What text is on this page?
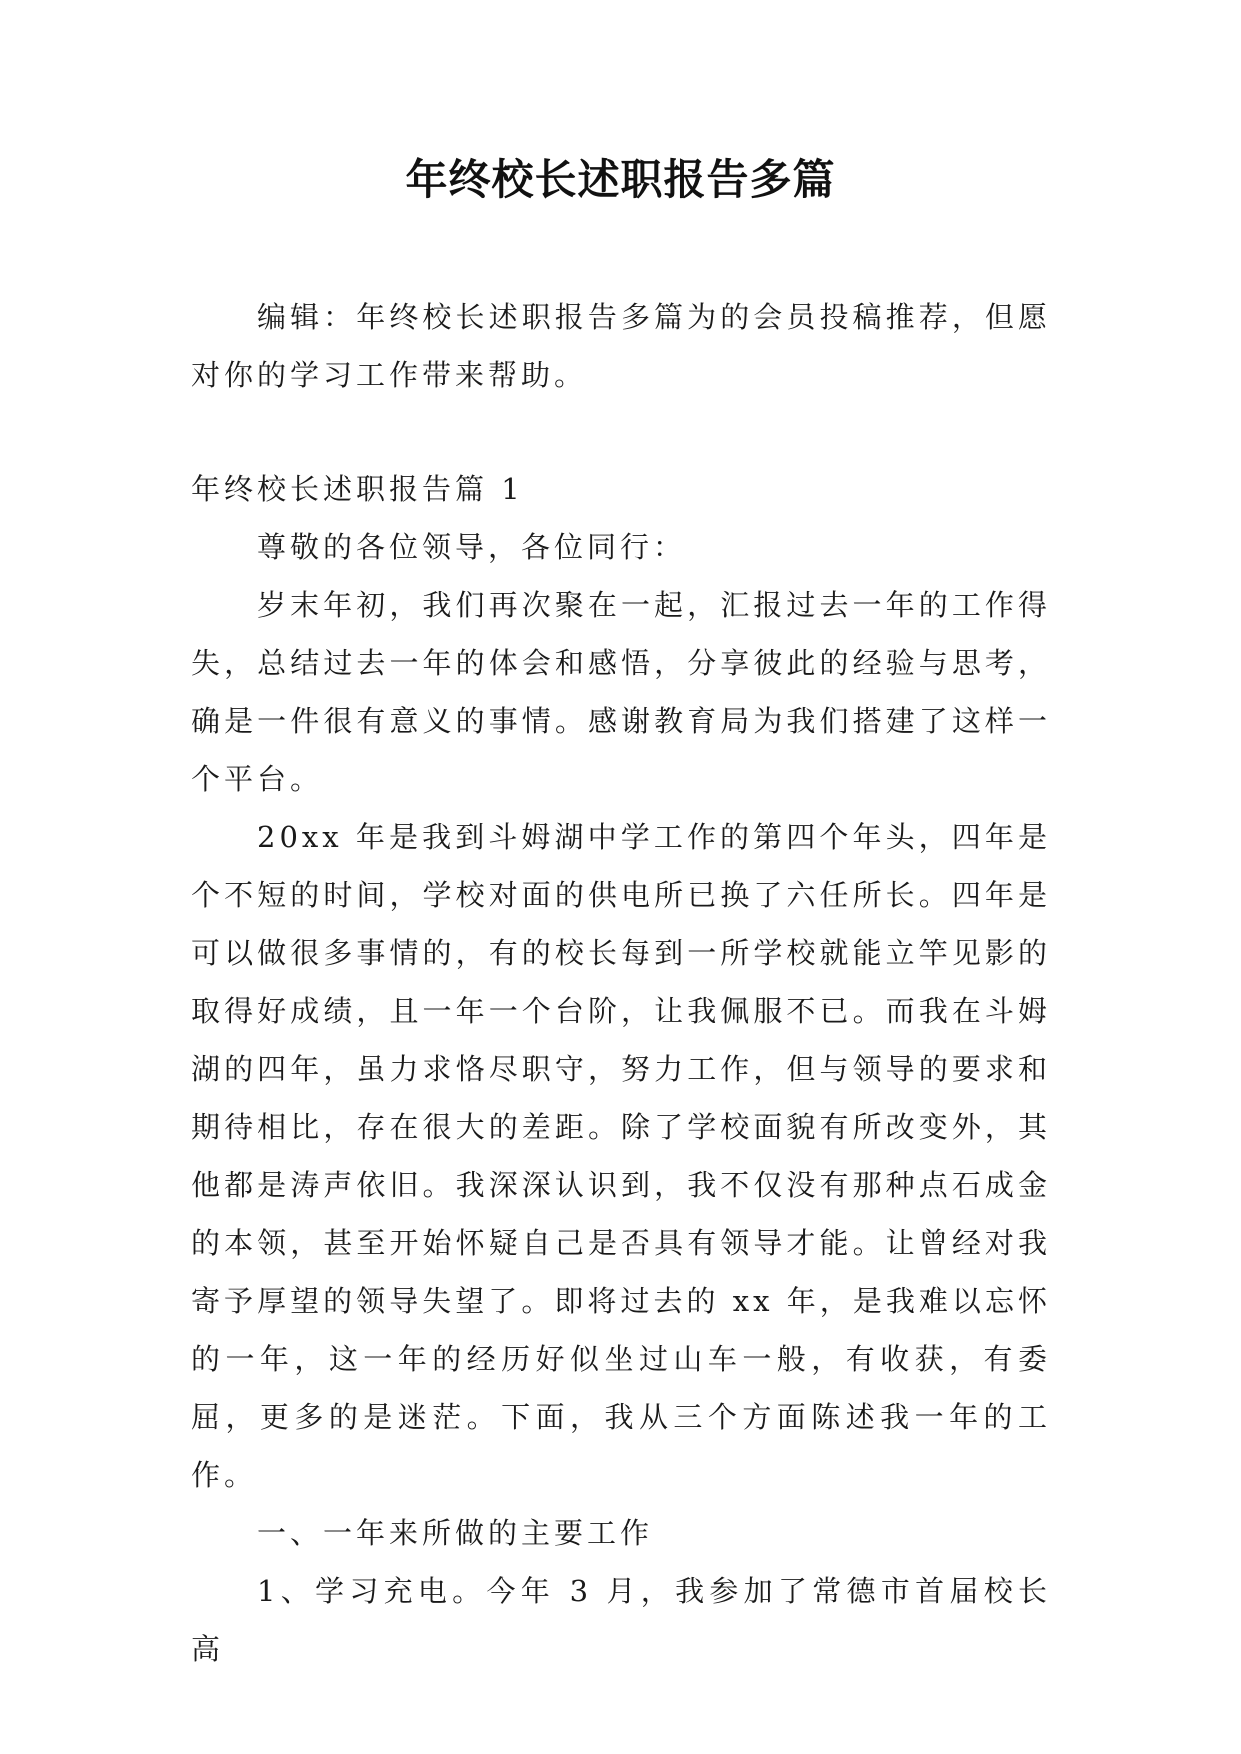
年终校长述职报告多篇

编辑：年终校长述职报告多篇为的会员投稿推荐，但愿对你的学习工作带来帮助。

年终校长述职报告篇 1

尊敬的各位领导，各位同行：

岁末年初，我们再次聚在一起，汇报过去一年的工作得失，总结过去一年的体会和感悟，分享彼此的经验与思考，确是一件很有意义的事情。感谢教育局为我们搭建了这样一个平台。

20xx 年是我到斗姆湖中学工作的第四个年头，四年是个不短的时间，学校对面的供电所已换了六任所长。四年是可以做很多事情的，有的校长每到一所学校就能立竿见影的取得好成绩，且一年一个台阶，让我佩服不已。而我在斗姆湖的四年，虽力求恪尽职守，努力工作，但与领导的要求和期待相比，存在很大的差距。除了学校面貌有所改变外，其他都是涛声依旧。我深深认识到，我不仅没有那种点石成金的本领，甚至开始怀疑自己是否具有领导才能。让曾经对我寄予厚望的领导失望了。即将过去的 xx 年，是我难以忘怀的一年，这一年的经历好似坐过山车一般，有收获，有委屈，更多的是迷茫。下面，我从三个方面陈述我一年的工作。

一、一年来所做的主要工作

1、学习充电。今年 3 月，我参加了常德市首届校长高
